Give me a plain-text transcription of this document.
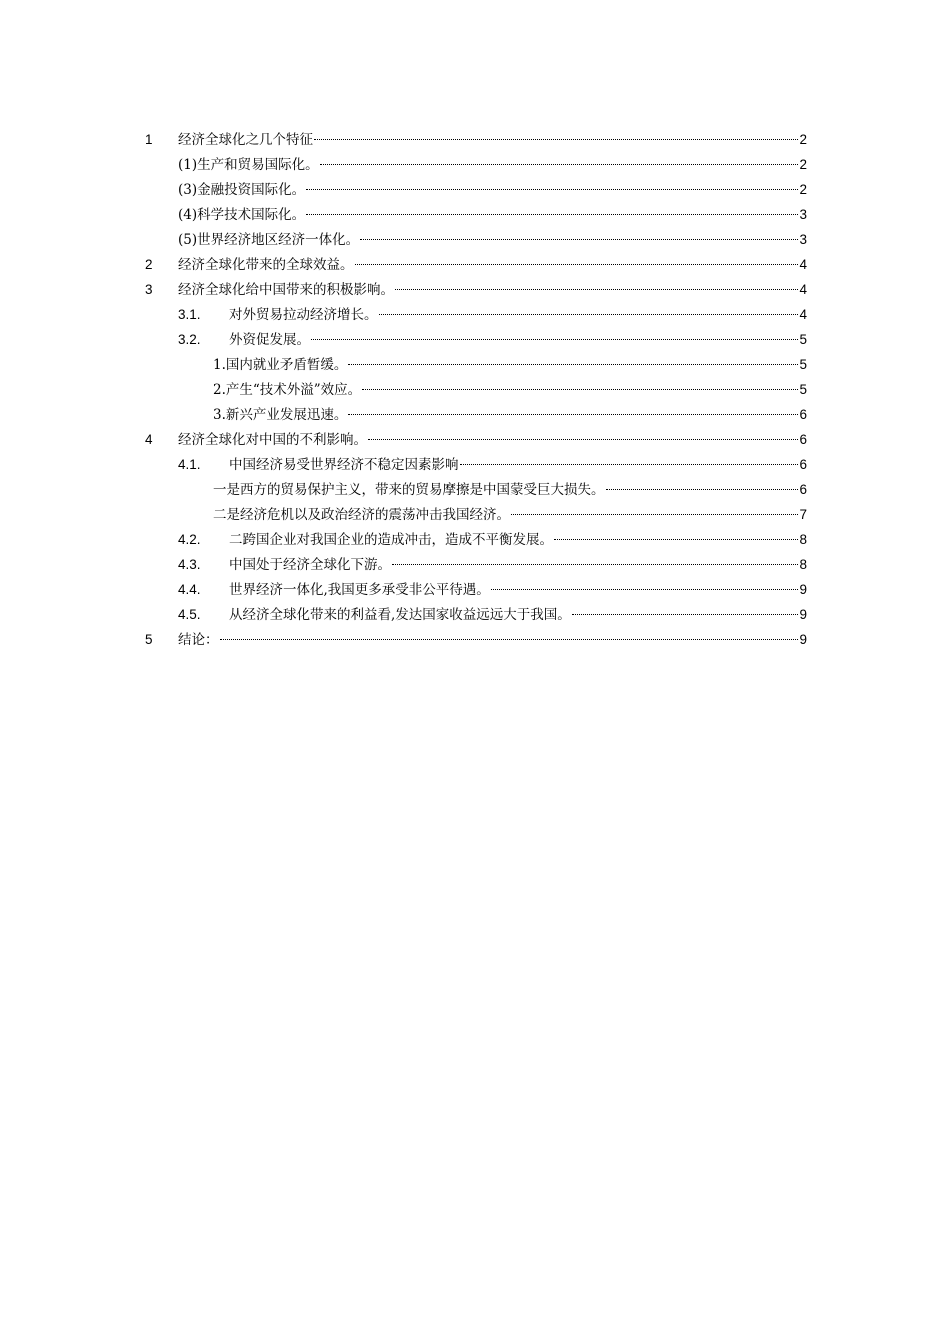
1	经济全球化之几个特征	2
(1)生产和贸易国际化。	2
(3)金融投资国际化。	2
(4)科学技术国际化。	3
(5)世界经济地区经济一体化。	3
2	经济全球化带来的全球效益。	4
3	经济全球化给中国带来的积极影响。	4
3.1.	对外贸易拉动经济增长。	4
3.2.	外资促发展。	5
1.国内就业矛盾暂缓。	5
2.产生“技术外溢”效应。	5
3.新兴产业发展迅速。	6
4	经济全球化对中国的不利影响。	6
4.1.	中国经济易受世界经济不稳定因素影响	6
一是西方的贸易保护主义，带来的贸易摩擦是中国蒙受巨大损失。	6
二是经济危机以及政治经济的震荡冲击我国经济。	7
4.2.	二跨国企业对我国企业的造成冲击，造成不平衡发展。	8
4.3.	中国处于经济全球化下游。	8
4.4.	世界经济一体化,我国更多承受非公平待遇。	9
4.5.	从经济全球化带来的利益看,发达国家收益远远大于我国。	9
5	结论：	9
